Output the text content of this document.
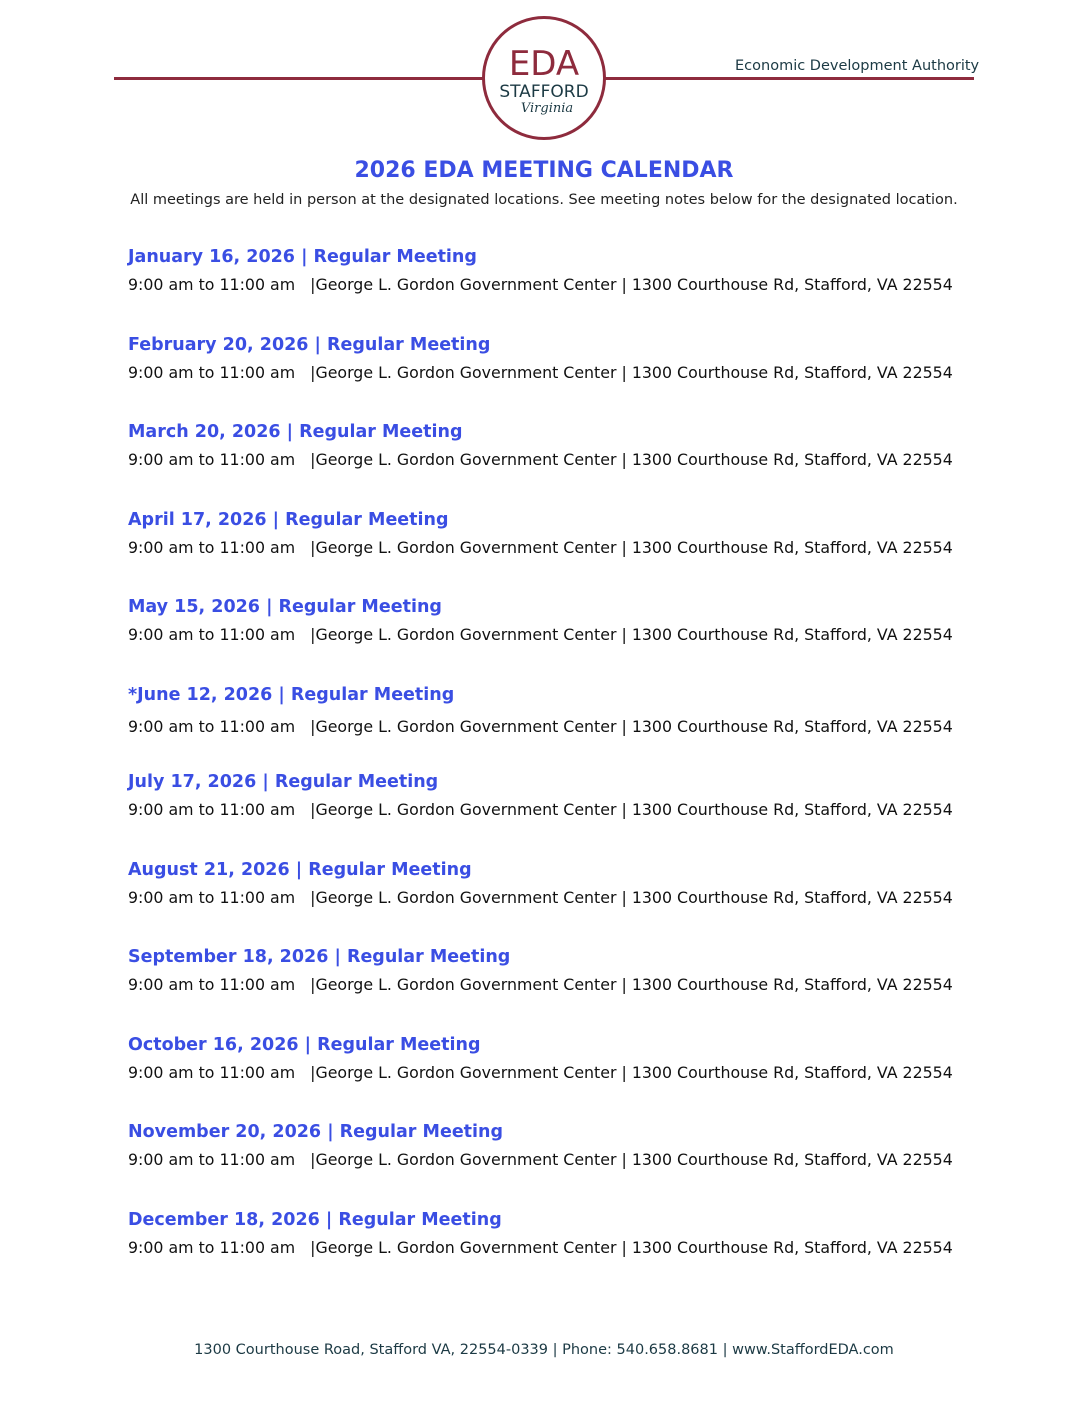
EDA
STAFFORD
Virginia
Economic Development Authority
2026 EDA MEETING CALENDAR
All meetings are held in person at the designated locations. See meeting notes below for the designated location.
January 16, 2026 | Regular Meeting
9:00 am to 11:00 am   |George L. Gordon Government Center | 1300 Courthouse Rd, Stafford, VA 22554
February 20, 2026 | Regular Meeting
9:00 am to 11:00 am   |George L. Gordon Government Center | 1300 Courthouse Rd, Stafford, VA 22554
March 20, 2026 | Regular Meeting
9:00 am to 11:00 am   |George L. Gordon Government Center | 1300 Courthouse Rd, Stafford, VA 22554
April 17, 2026 | Regular Meeting
9:00 am to 11:00 am   |George L. Gordon Government Center | 1300 Courthouse Rd, Stafford, VA 22554
May 15, 2026 | Regular Meeting
9:00 am to 11:00 am   |George L. Gordon Government Center | 1300 Courthouse Rd, Stafford, VA 22554
*June 12, 2026 | Regular Meeting
9:00 am to 11:00 am   |George L. Gordon Government Center | 1300 Courthouse Rd, Stafford, VA 22554
July 17, 2026 | Regular Meeting
9:00 am to 11:00 am   |George L. Gordon Government Center | 1300 Courthouse Rd, Stafford, VA 22554
August 21, 2026 | Regular Meeting
9:00 am to 11:00 am   |George L. Gordon Government Center | 1300 Courthouse Rd, Stafford, VA 22554
September 18, 2026 | Regular Meeting
9:00 am to 11:00 am   |George L. Gordon Government Center | 1300 Courthouse Rd, Stafford, VA 22554
October 16, 2026 | Regular Meeting
9:00 am to 11:00 am   |George L. Gordon Government Center | 1300 Courthouse Rd, Stafford, VA 22554
November 20, 2026 | Regular Meeting
9:00 am to 11:00 am   |George L. Gordon Government Center | 1300 Courthouse Rd, Stafford, VA 22554
December 18, 2026 | Regular Meeting
9:00 am to 11:00 am   |George L. Gordon Government Center | 1300 Courthouse Rd, Stafford, VA 22554
1300 Courthouse Road, Stafford VA, 22554-0339 | Phone: 540.658.8681 | www.StaffordEDA.com
